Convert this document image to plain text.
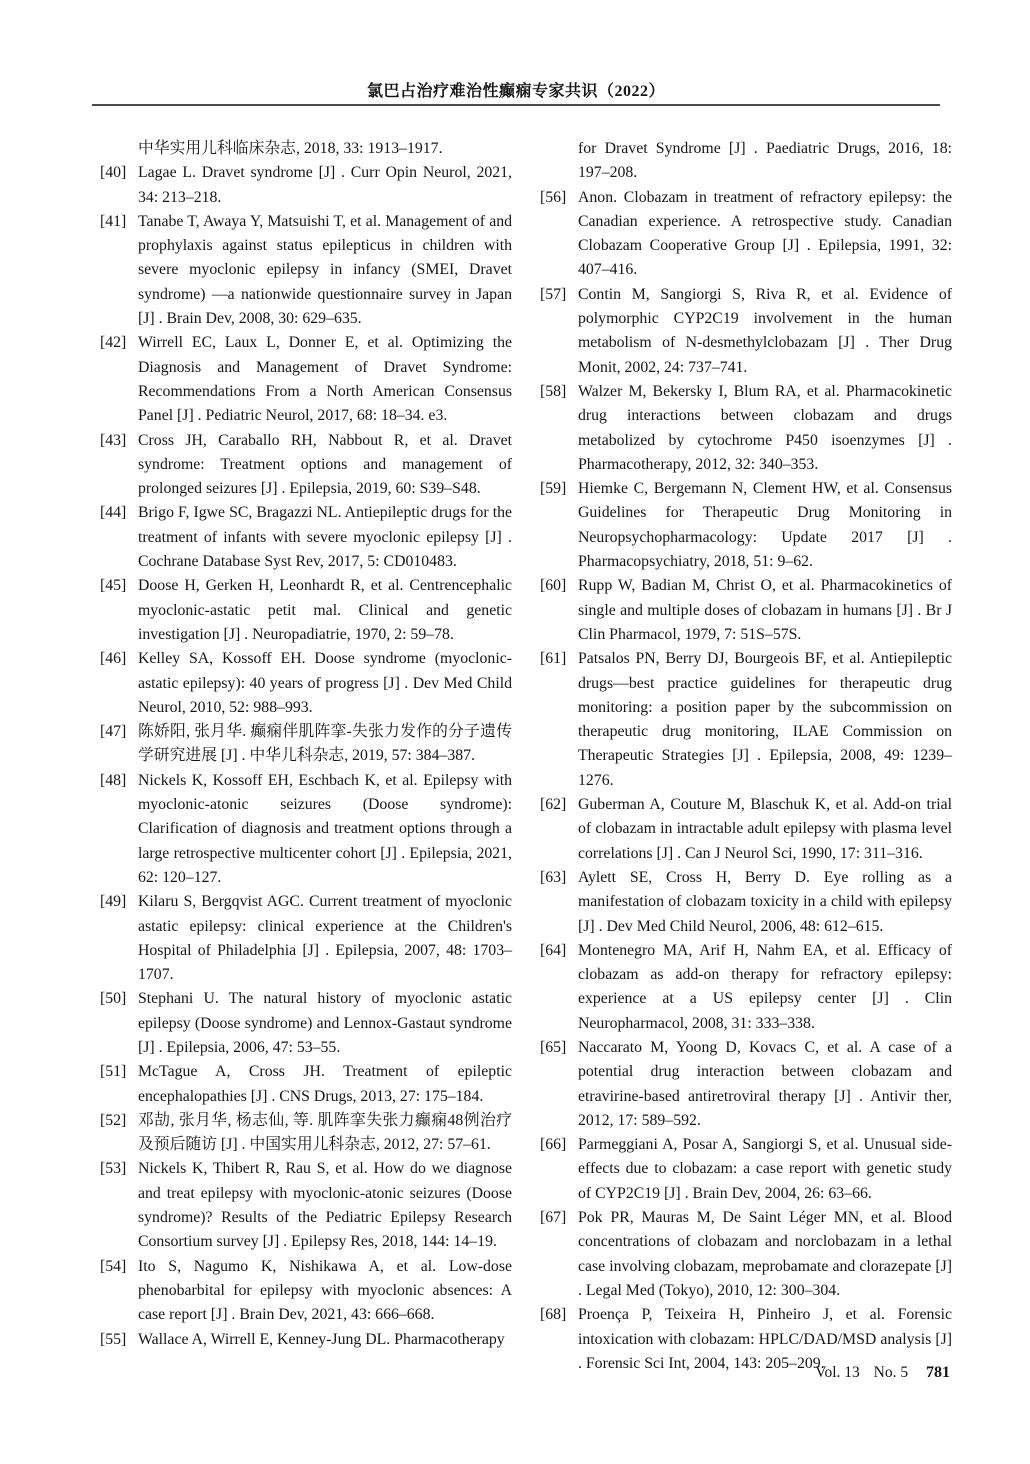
氯巴占治疗难治性癫痫专家共识（2022）
中华实用儿科临床杂志, 2018, 33: 1913–1917.
[40] Lagae L. Dravet syndrome [J] . Curr Opin Neurol, 2021, 34: 213–218.
[41] Tanabe T, Awaya Y, Matsuishi T, et al. Management of and prophylaxis against status epilepticus in children with severe myoclonic epilepsy in infancy (SMEI, Dravet syndrome) —a nationwide questionnaire survey in Japan [J] . Brain Dev, 2008, 30: 629–635.
[42] Wirrell EC, Laux L, Donner E, et al. Optimizing the Diagnosis and Management of Dravet Syndrome: Recommendations From a North American Consensus Panel [J] . Pediatric Neurol, 2017, 68: 18–34. e3.
[43] Cross JH, Caraballo RH, Nabbout R, et al. Dravet syndrome: Treatment options and management of prolonged seizures [J] . Epilepsia, 2019, 60: S39–S48.
[44] Brigo F, Igwe SC, Bragazzi NL. Antiepileptic drugs for the treatment of infants with severe myoclonic epilepsy [J] . Cochrane Database Syst Rev, 2017, 5: CD010483.
[45] Doose H, Gerken H, Leonhardt R, et al. Centrencephalic myoclonic-astatic petit mal. Clinical and genetic investigation [J] . Neuropadiatrie, 1970, 2: 59–78.
[46] Kelley SA, Kossoff EH. Doose syndrome (myoclonic-astatic epilepsy): 40 years of progress [J] . Dev Med Child Neurol, 2010, 52: 988–993.
[47] 陈娇阳, 张月华. 癫痫伴肌阵挛-失张力发作的分子遗传学研究进展 [J] . 中华儿科杂志, 2019, 57: 384–387.
[48] Nickels K, Kossoff EH, Eschbach K, et al. Epilepsy with myoclonic-atonic seizures (Doose syndrome): Clarification of diagnosis and treatment options through a large retrospective multicenter cohort [J] . Epilepsia, 2021, 62: 120–127.
[49] Kilaru S, Bergqvist AGC. Current treatment of myoclonic astatic epilepsy: clinical experience at the Children's Hospital of Philadelphia [J] . Epilepsia, 2007, 48: 1703–1707.
[50] Stephani U. The natural history of myoclonic astatic epilepsy (Doose syndrome) and Lennox-Gastaut syndrome [J] . Epilepsia, 2006, 47: 53–55.
[51] McTague A, Cross JH. Treatment of epileptic encephalopathies [J] . CNS Drugs, 2013, 27: 175–184.
[52] 邓劼, 张月华, 杨志仙, 等. 肌阵挛失张力癫痫48例治疗及预后随访 [J] . 中国实用儿科杂志, 2012, 27: 57–61.
[53] Nickels K, Thibert R, Rau S, et al. How do we diagnose and treat epilepsy with myoclonic-atonic seizures (Doose syndrome)? Results of the Pediatric Epilepsy Research Consortium survey [J] . Epilepsy Res, 2018, 144: 14–19.
[54] Ito S, Nagumo K, Nishikawa A, et al. Low-dose phenobarbital for epilepsy with myoclonic absences: A case report [J] . Brain Dev, 2021, 43: 666–668.
[55] Wallace A, Wirrell E, Kenney-Jung DL. Pharmacotherapy
for Dravet Syndrome [J] . Paediatric Drugs, 2016, 18: 197–208.
[56] Anon. Clobazam in treatment of refractory epilepsy: the Canadian experience. A retrospective study. Canadian Clobazam Cooperative Group [J] . Epilepsia, 1991, 32: 407–416.
[57] Contin M, Sangiorgi S, Riva R, et al. Evidence of polymorphic CYP2C19 involvement in the human metabolism of N-desmethylclobazam [J] . Ther Drug Monit, 2002, 24: 737–741.
[58] Walzer M, Bekersky I, Blum RA, et al. Pharmacokinetic drug interactions between clobazam and drugs metabolized by cytochrome P450 isoenzymes [J] . Pharmacotherapy, 2012, 32: 340–353.
[59] Hiemke C, Bergemann N, Clement HW, et al. Consensus Guidelines for Therapeutic Drug Monitoring in Neuropsychopharmacology: Update 2017 [J] . Pharmacopsychiatry, 2018, 51: 9–62.
[60] Rupp W, Badian M, Christ O, et al. Pharmacokinetics of single and multiple doses of clobazam in humans [J] . Br J Clin Pharmacol, 1979, 7: 51S–57S.
[61] Patsalos PN, Berry DJ, Bourgeois BF, et al. Antiepileptic drugs—best practice guidelines for therapeutic drug monitoring: a position paper by the subcommission on therapeutic drug monitoring, ILAE Commission on Therapeutic Strategies [J] . Epilepsia, 2008, 49: 1239–1276.
[62] Guberman A, Couture M, Blaschuk K, et al. Add-on trial of clobazam in intractable adult epilepsy with plasma level correlations [J] . Can J Neurol Sci, 1990, 17: 311–316.
[63] Aylett SE, Cross H, Berry D. Eye rolling as a manifestation of clobazam toxicity in a child with epilepsy [J] . Dev Med Child Neurol, 2006, 48: 612–615.
[64] Montenegro MA, Arif H, Nahm EA, et al. Efficacy of clobazam as add-on therapy for refractory epilepsy: experience at a US epilepsy center [J] . Clin Neuropharmacol, 2008, 31: 333–338.
[65] Naccarato M, Yoong D, Kovacs C, et al. A case of a potential drug interaction between clobazam and etravirine-based antiretroviral therapy [J] . Antivir ther, 2012, 17: 589–592.
[66] Parmeggiani A, Posar A, Sangiorgi S, et al. Unusual side-effects due to clobazam: a case report with genetic study of CYP2C19 [J] . Brain Dev, 2004, 26: 63–66.
[67] Pok PR, Mauras M, De Saint Léger MN, et al. Blood concentrations of clobazam and norclobazam in a lethal case involving clobazam, meprobamate and clorazepate [J] . Legal Med (Tokyo), 2010, 12: 300–304.
[68] Proença P, Teixeira H, Pinheiro J, et al. Forensic intoxication with clobazam: HPLC/DAD/MSD analysis [J] . Forensic Sci Int, 2004, 143: 205–209.
Vol. 13 No. 5 781
